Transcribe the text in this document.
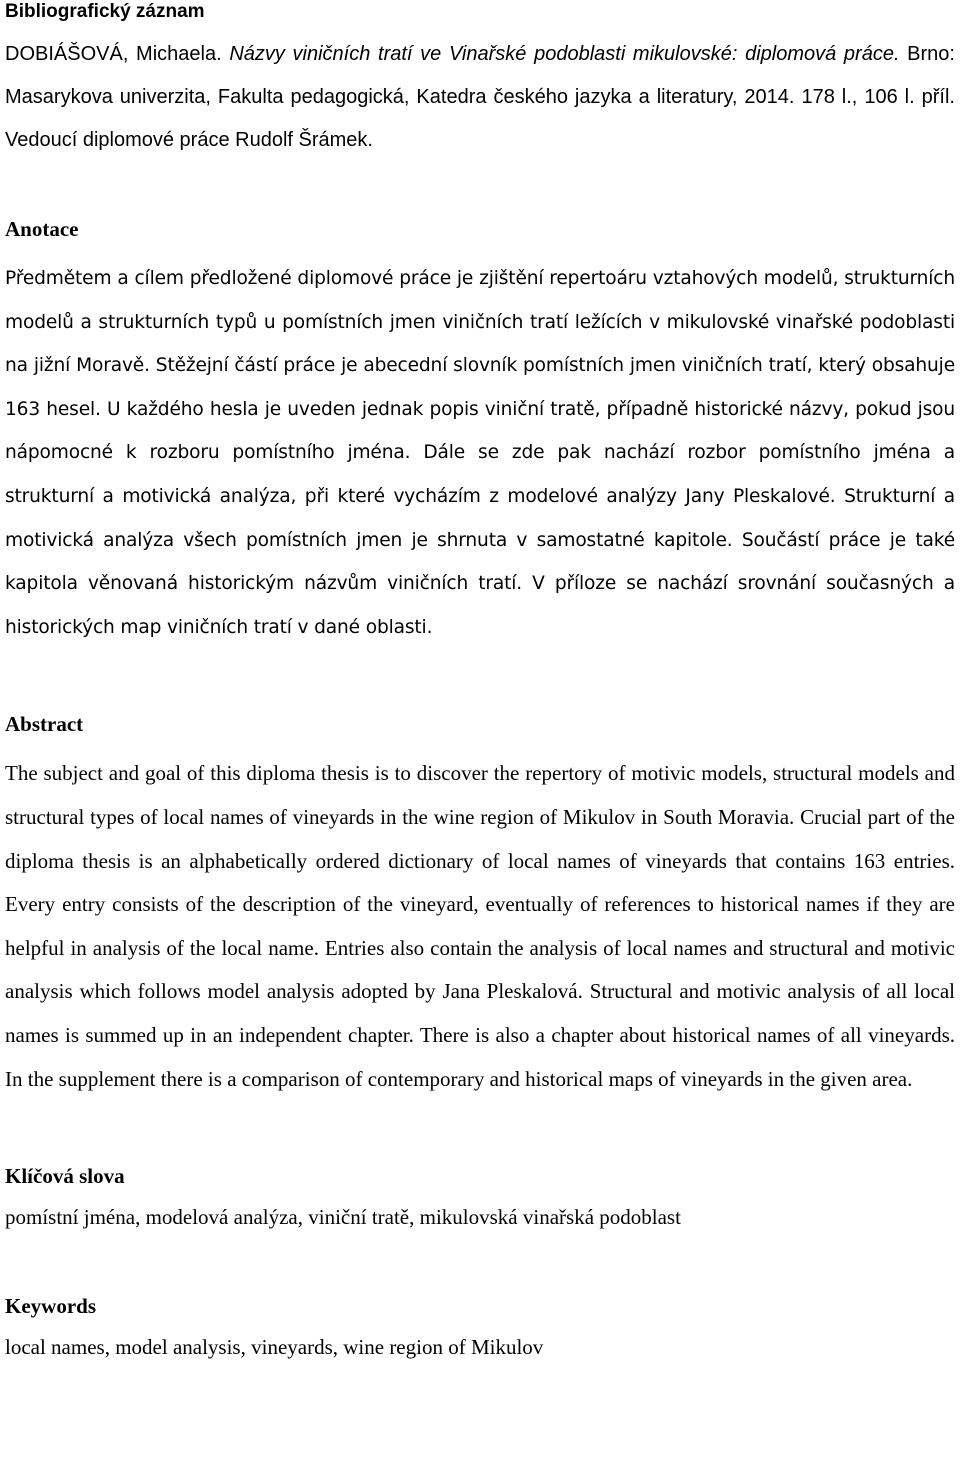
Bibliografický záznam

DOBIÁŠOVÁ, Michaela. Názvy viničních tratí ve Vinařské podoblasti mikulovské: diplomová práce. Brno: Masarykova univerzita, Fakulta pedagogická, Katedra českého jazyka a literatury, 2014. 178 l., 106 l. příl. Vedoucí diplomové práce Rudolf Šrámek.

Anotace

Předmětem a cílem předložené diplomové práce je zjištění repertoáru vztahových modelů, strukturních modelů a strukturních typů u pomístních jmen viničních tratí ležících v mikulovské vinařské podoblasti na jižní Moravě. Stěžejní částí práce je abecední slovník pomístních jmen viničních tratí, který obsahuje 163 hesel. U každého hesla je uveden jednak popis viniční tratě, případně historické názvy, pokud jsou nápomocné k rozboru pomístního jména. Dále se zde pak nachází rozbor pomístního jména a strukturní a motivická analýza, při které vycházím z modelové analýzy Jany Pleskalové. Strukturní a motivická analýza všech pomístních jmen je shrnuta v samostatné kapitole. Součástí práce je také kapitola věnovaná historickým názvům viničních tratí. V příloze se nachází srovnání současných a historických map viničních tratí v dané oblasti.

Abstract

The subject and goal of this diploma thesis is to discover the repertory of motivic models, structural models and structural types of local names of vineyards in the wine region of Mikulov in South Moravia. Crucial part of the diploma thesis is an alphabetically ordered dictionary of local names of vineyards that contains 163 entries. Every entry consists of the description of the vineyard, eventually of references to historical names if they are helpful in analysis of the local name. Entries also contain the analysis of local names and structural and motivic analysis which follows model analysis adopted by Jana Pleskalová. Structural and motivic analysis of all local names is summed up in an independent chapter. There is also a chapter about historical names of all vineyards. In the supplement there is a comparison of contemporary and historical maps of vineyards in the given area.

Klíčová slova

pomístní jména, modelová analýza, viniční tratě, mikulovská vinařská podoblast

Keywords

local names, model analysis, vineyards, wine region of Mikulov
